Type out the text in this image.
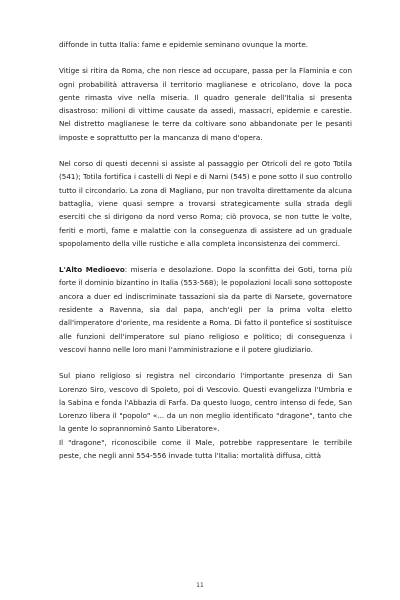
diffonde in tutta Italia: fame e epidemie seminano ovunque la morte.

Vitige si ritira da Roma, che non riesce ad occupare, passa per la Flaminia e con ogni probabilità attraversa il territorio maglianese e otricolano, dove la poca gente rimasta vive nella miseria. Il quadro generale dell'Italia si presenta disastroso: milioni di vittime causate da assedi, massacri, epidemie e carestie. Nel distretto maglianese le terre da coltivare sono abbandonate per le pesanti imposte e soprattutto per la mancanza di mano d'opera.

Nel corso di questi decenni si assiste al passaggio per Otricoli del re goto Totila (541); Totila fortifica i castelli di Nepi e di Narni (545) e pone sotto il suo controllo tutto il circondario. La zona di Magliano, pur non travolta direttamente da alcuna battaglia, viene quasi sempre a trovarsi strategicamente sulla strada degli eserciti che si dirigono da nord verso Roma; ciò provoca, se non tutte le volte, feriti e morti, fame e malattie con la conseguenza di assistere ad un graduale spopolamento della ville rustiche e alla completa inconsistenza dei commerci.

L'Alto Medioevo: miseria e desolazione. Dopo la sconfitta dei Goti, torna più forte il dominio bizantino in Italia (553-568); le popolazioni locali sono sottoposte ancora a duer ed indiscriminate tassazioni sia da parte di Narsete, governatore residente a Ravenna, sia dal papa, anch'egli per la prima volta eletto dall'imperatore d'oriente, ma residente a Roma. Di fatto il pontefice si sostituisce alle funzioni dell'imperatore sul piano religioso e politico; di conseguenza i vescovi hanno nelle loro mani l'amministrazione e il potere giudiziario.

Sul piano religioso si registra nel circondario l'importante presenza di San Lorenzo Siro, vescovo di Spoleto, poi di Vescovio. Questi evangelizza l'Umbria e la Sabina e fonda l'Abbazia di Farfa. Da questo luogo, centro intenso di fede, San Lorenzo libera il "popolo" «... da un non meglio identificato "dragone", tanto che la gente lo soprannominò Santo Liberatore».

Il "dragone", riconoscibile come il Male, potrebbe rappresentare le terribile peste, che negli anni 554-556 invade tutta l'Italia: mortalità diffusa, città

11
